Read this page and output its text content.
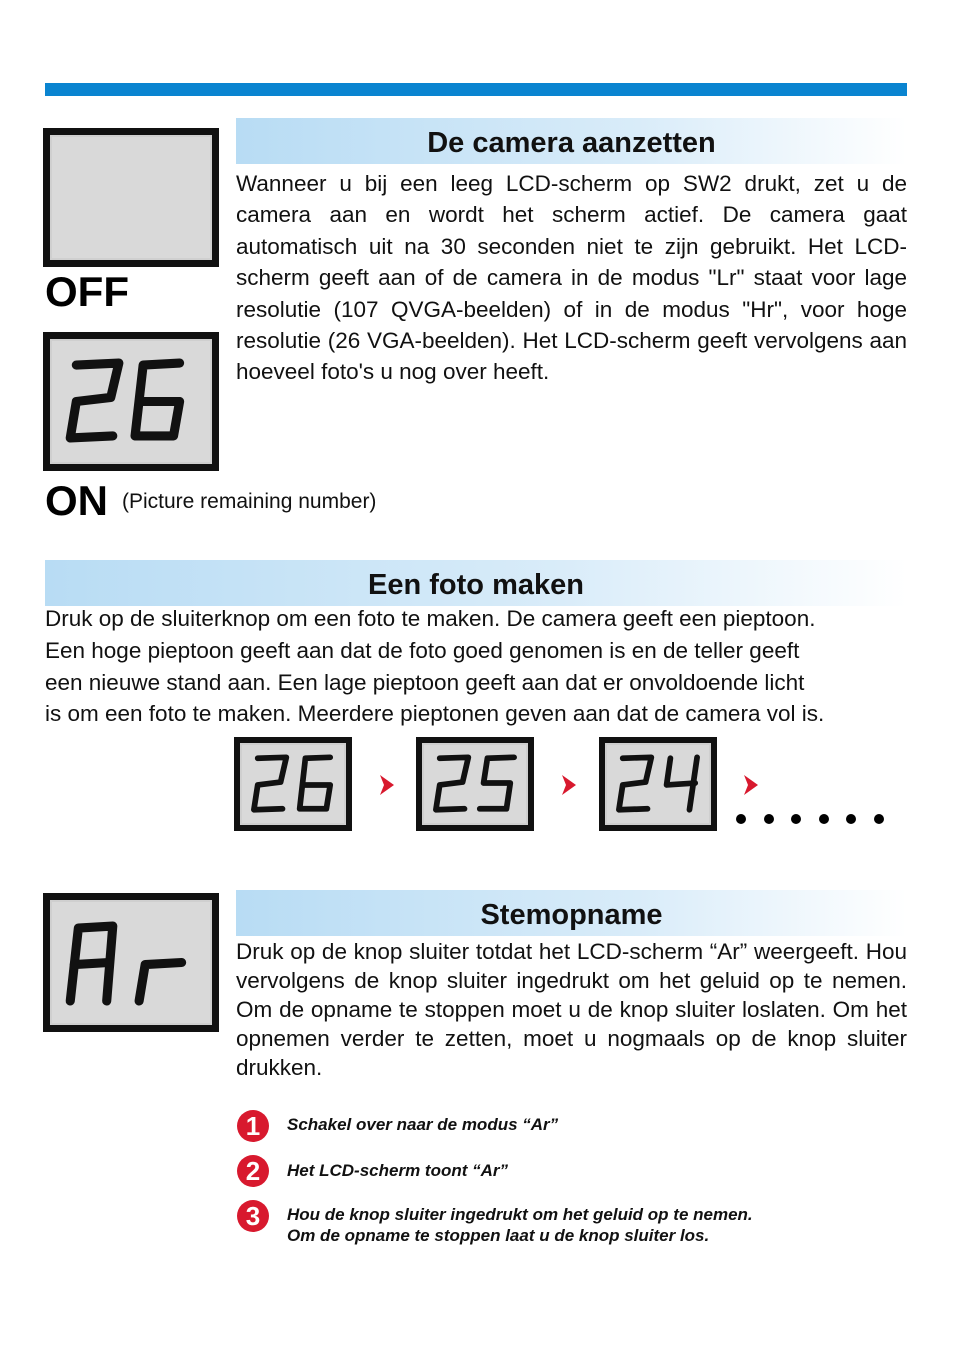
OFF
ON (Picture remaining number)
De camera aanzetten
Wanneer u bij een leeg LCD-scherm op SW2 drukt, zet u de camera aan en wordt het scherm actief. De camera gaat automatisch uit na 30 seconden niet te zijn gebruikt. Het LCD-scherm geeft aan of de camera in de modus "Lr" staat voor lage resolutie (107 QVGA-beelden) of in de modus "Hr", voor hoge resolutie (26 VGA-beelden). Het LCD-scherm geeft vervolgens aan hoeveel foto's u nog over heeft.
Een foto maken
Druk op de sluiterknop om een foto te maken. De camera geeft een pieptoon.
Een hoge pieptoon geeft aan dat de foto goed genomen is en de teller geeft
een nieuwe stand aan. Een lage pieptoon geeft aan dat er onvoldoende licht
is om een foto te maken. Meerdere pieptonen geven aan dat de camera vol is.
Stemopname
Druk op de knop sluiter totdat het LCD-scherm “Ar” weergeeft. Hou vervolgens de knop sluiter ingedrukt om het geluid op te nemen. Om de opname te stoppen moet u de knop sluiter loslaten. Om het opnemen verder te zetten, moet u nogmaals op de knop sluiter drukken.
1	Schakel over naar de modus “Ar”
2	Het LCD-scherm toont “Ar”
3	Hou de knop sluiter ingedrukt om het geluid op te nemen.
Om de opname te stoppen laat u de knop sluiter los.
